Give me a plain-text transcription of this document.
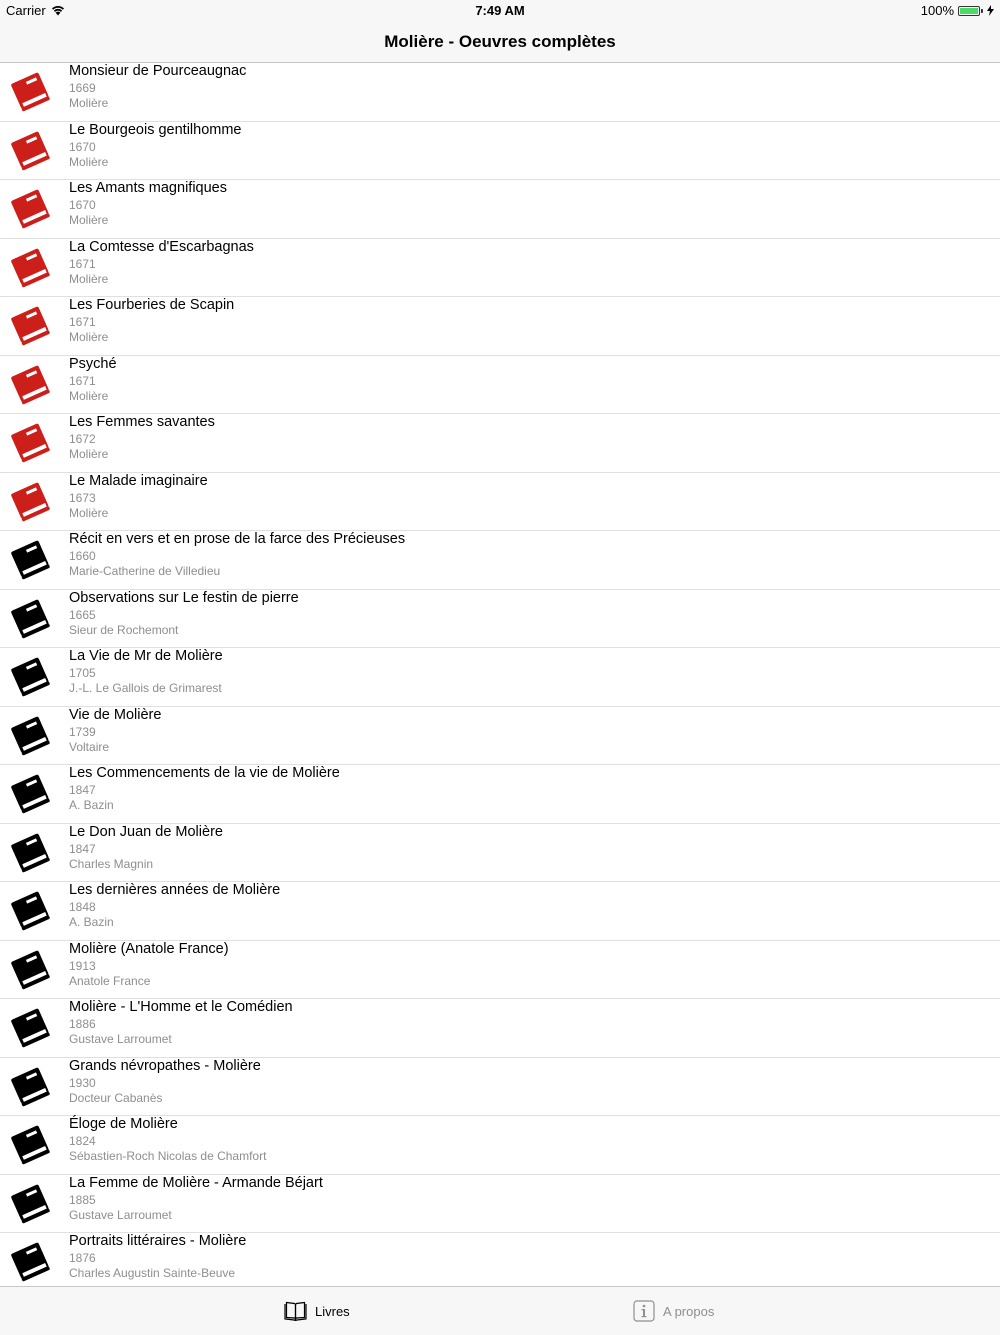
Carrier	7:49 AM	100%
Molière - Oeuvres complètes
Monsieur de Pourceaugnac
1669
Molière
Le Bourgeois gentilhomme
1670
Molière
Les Amants magnifiques
1670
Molière
La Comtesse d'Escarbagnas
1671
Molière
Les Fourberies de Scapin
1671
Molière
Psyché
1671
Molière
Les Femmes savantes
1672
Molière
Le Malade imaginaire
1673
Molière
Récit en vers et en prose de la farce des Précieuses
1660
Marie-Catherine de Villedieu
Observations sur Le festin de pierre
1665
Sieur de Rochemont
La Vie de Mr de Molière
1705
J.-L. Le Gallois de Grimarest
Vie de Molière
1739
Voltaire
Les Commencements de la vie de Molière
1847
A. Bazin
Le Don Juan de Molière
1847
Charles Magnin
Les dernières années de Molière
1848
A. Bazin
Molière (Anatole France)
1913
Anatole France
Molière - L'Homme et le Comédien
1886
Gustave Larroumet
Grands névropathes - Molière
1930
Docteur Cabanès
Éloge de Molière
1824
Sébastien-Roch Nicolas de Chamfort
La Femme de Molière - Armande Béjart
1885
Gustave Larroumet
Portraits littéraires - Molière
1876
Charles Augustin Sainte-Beuve
Livres	A propos
